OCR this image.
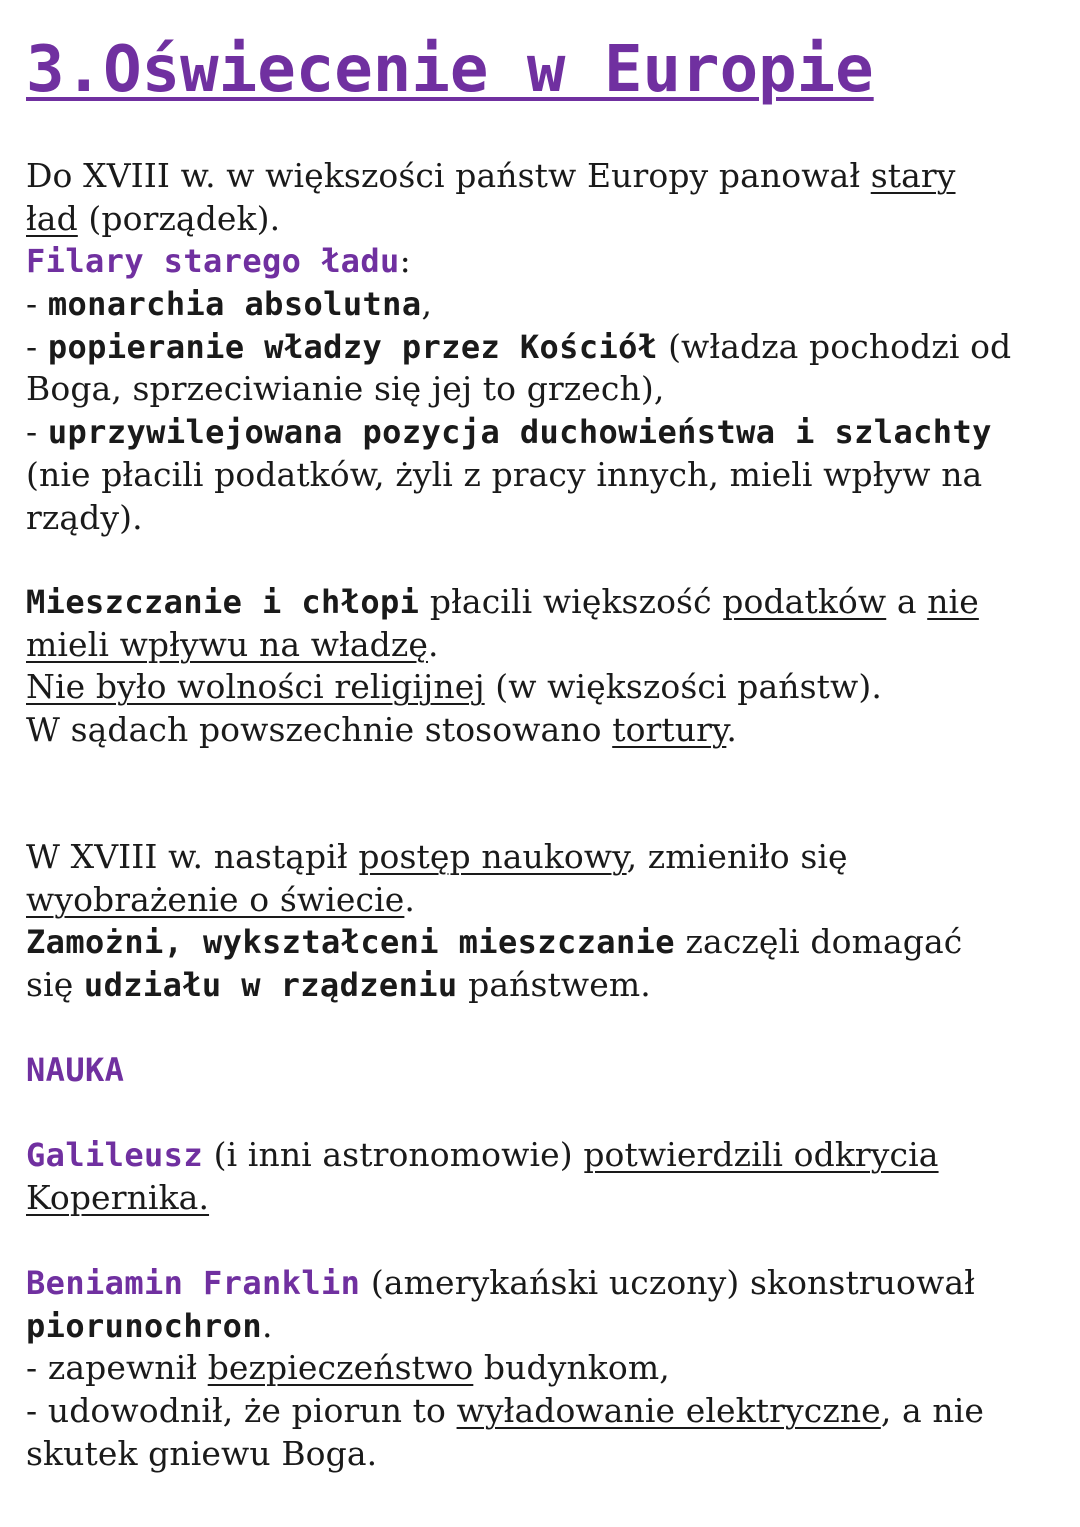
3.Oświecenie w Europie
Do XVIII w. w większości państw Europy panował stary
ład (porządek).
Filary starego ładu:
- monarchia absolutna,
- popieranie władzy przez Kościół (władza pochodzi od
Boga, sprzeciwianie się jej to grzech),
- uprzywilejowana pozycja duchowieństwa i szlachty
(nie płacili podatków, żyli z pracy innych, mieli wpływ na
rządy).
Mieszczanie i chłopi płacili większość podatków a nie
mieli wpływu na władzę.
Nie było wolności religijnej (w większości państw).
W sądach powszechnie stosowano tortury.
W XVIII w. nastąpił postęp naukowy, zmieniło się
wyobrażenie o świecie.
Zamożni, wykształceni mieszczanie zaczęli domagać
się udziału w rządzeniu państwem.
NAUKA
Galileusz (i inni astronomowie) potwierdzili odkrycia
Kopernika.
Beniamin Franklin (amerykański uczony) skonstruował
piorunochron.
- zapewnił bezpieczeństwo budynkom,
- udowodnił, że piorun to wyładowanie elektryczne, a nie
skutek gniewu Boga.
